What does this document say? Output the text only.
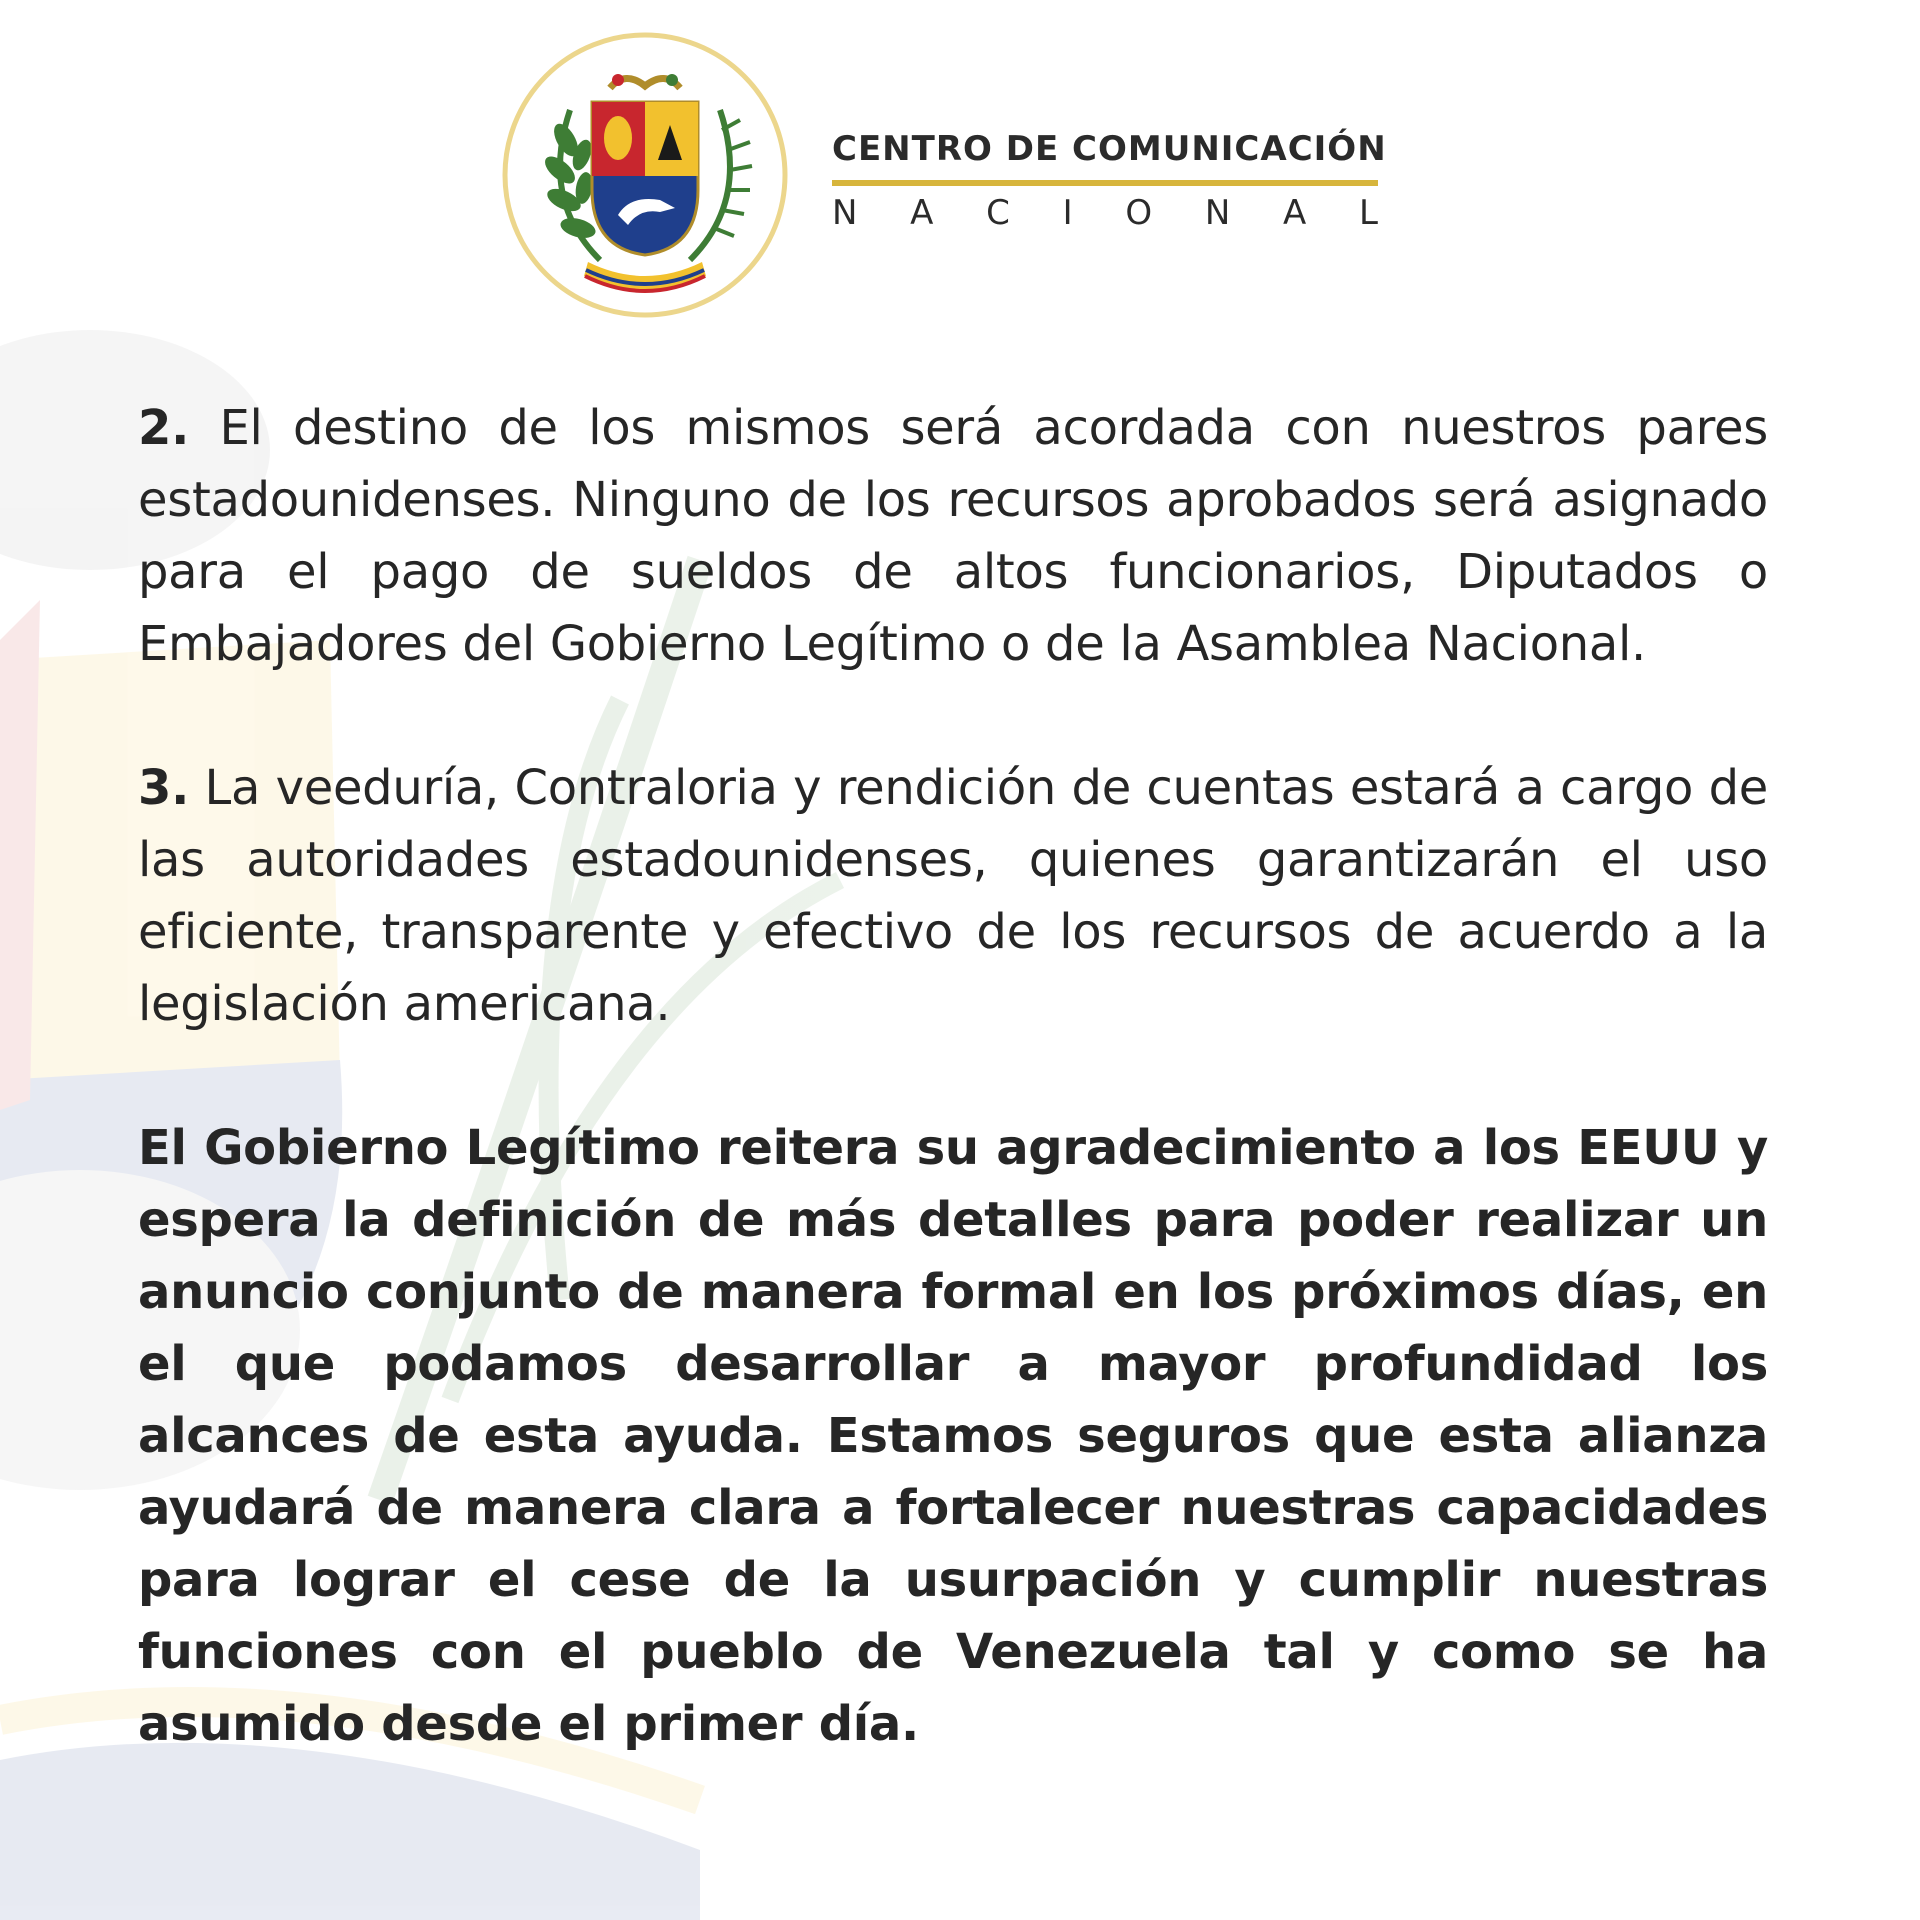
CENTRO DE COMUNICACIÓN
N A C I O N A L

2. El destino de los mismos será acordada con nuestros pares estadounidenses. Ninguno de los recursos aprobados será asignado para el pago de sueldos de altos funcionarios, Diputados o Embajadores del Gobierno Legítimo o de la Asamblea Nacional.

3. La veeduría, Contraloria y rendición de cuentas estará a cargo de las autoridades estadounidenses, quienes garantizarán el uso eficiente, transparente y efectivo de los recursos de acuerdo a la legislación americana.

El Gobierno Legítimo reitera su agradecimiento a los EEUU y espera la definición de más detalles para poder realizar un anuncio conjunto de manera formal en los próximos días, en el que podamos desarrollar a mayor profundidad los alcances de esta ayuda. Estamos seguros que esta alianza ayudará de manera clara a fortalecer nuestras capacidades para lograr el cese de la usurpación y cumplir nuestras funciones con el pueblo de Venezuela tal y como se ha asumido desde el primer día.
